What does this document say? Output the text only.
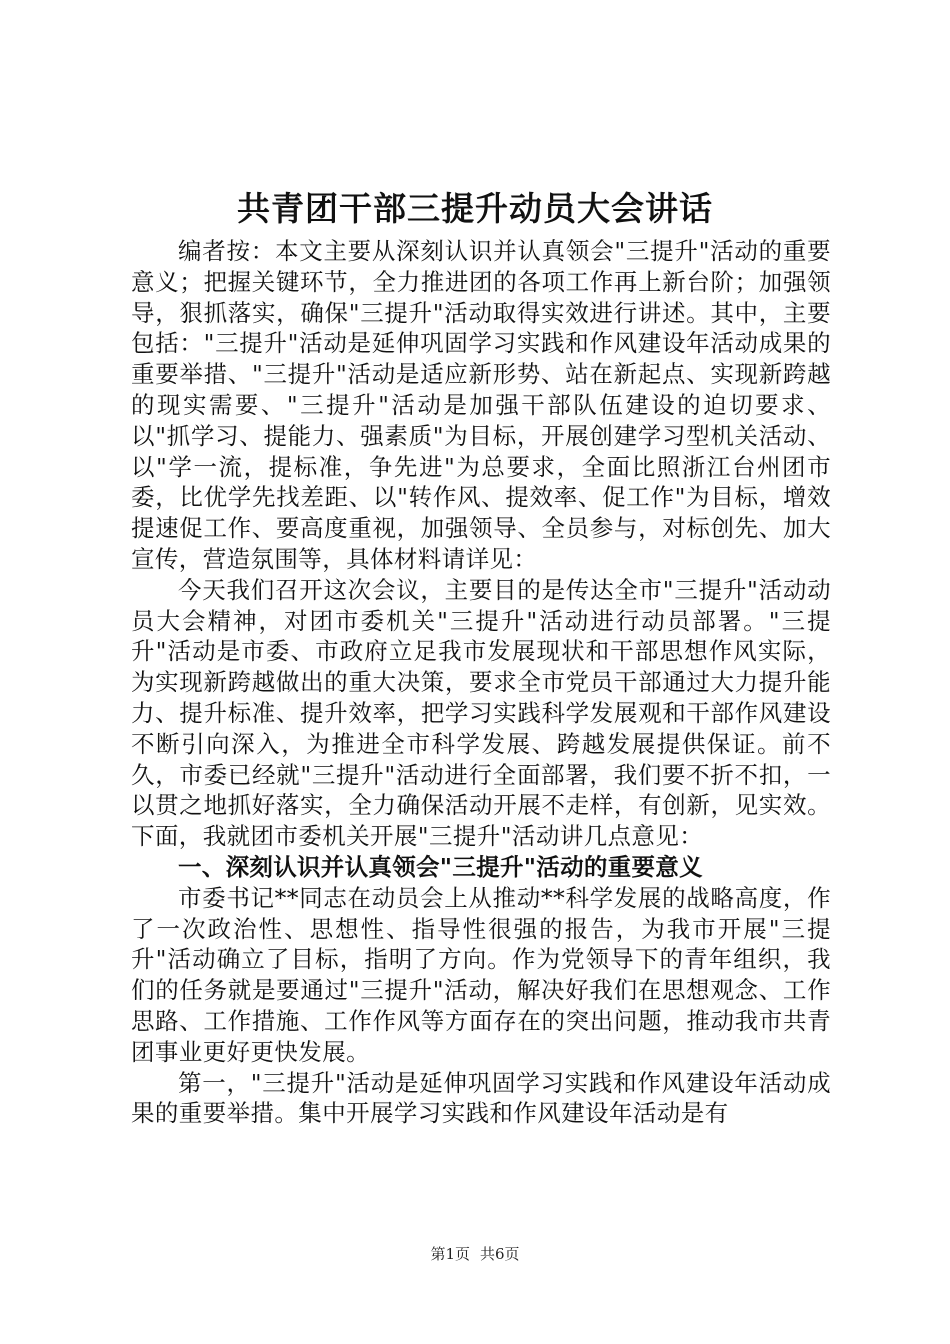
共青团干部三提升动员大会讲话

编者按：本文主要从深刻认识并认真领会"三提升"活动的重要意义；把握关键环节，全力推进团的各项工作再上新台阶；加强领导，狠抓落实，确保"三提升"活动取得实效进行讲述。其中，主要包括："三提升"活动是延伸巩固学习实践和作风建设年活动成果的重要举措、"三提升"活动是适应新形势、站在新起点、实现新跨越的现实需要、"三提升"活动是加强干部队伍建设的迫切要求、以"抓学习、提能力、强素质"为目标，开展创建学习型机关活动、以"学一流，提标准，争先进"为总要求，全面比照浙江台州团市委，比优学先找差距、以"转作风、提效率、促工作"为目标，增效提速促工作、要高度重视，加强领导、全员参与，对标创先、加大宣传，营造氛围等，具体材料请详见：

今天我们召开这次会议，主要目的是传达全市"三提升"活动动员大会精神，对团市委机关"三提升"活动进行动员部署。"三提升"活动是市委、市政府立足我市发展现状和干部思想作风实际，为实现新跨越做出的重大决策，要求全市党员干部通过大力提升能力、提升标准、提升效率，把学习实践科学发展观和干部作风建设不断引向深入，为推进全市科学发展、跨越发展提供保证。前不久，市委已经就"三提升"活动进行全面部署，我们要不折不扣，一以贯之地抓好落实，全力确保活动开展不走样，有创新，见实效。下面，我就团市委机关开展"三提升"活动讲几点意见：

一、深刻认识并认真领会"三提升"活动的重要意义

市委书记**同志在动员会上从推动**科学发展的战略高度，作了一次政治性、思想性、指导性很强的报告，为我市开展"三提升"活动确立了目标，指明了方向。作为党领导下的青年组织，我们的任务就是要通过"三提升"活动，解决好我们在思想观念、工作思路、工作措施、工作作风等方面存在的突出问题，推动我市共青团事业更好更快发展。

第一，"三提升"活动是延伸巩固学习实践和作风建设年活动成果的重要举措。集中开展学习实践和作风建设年活动是有

第1页 共6页
